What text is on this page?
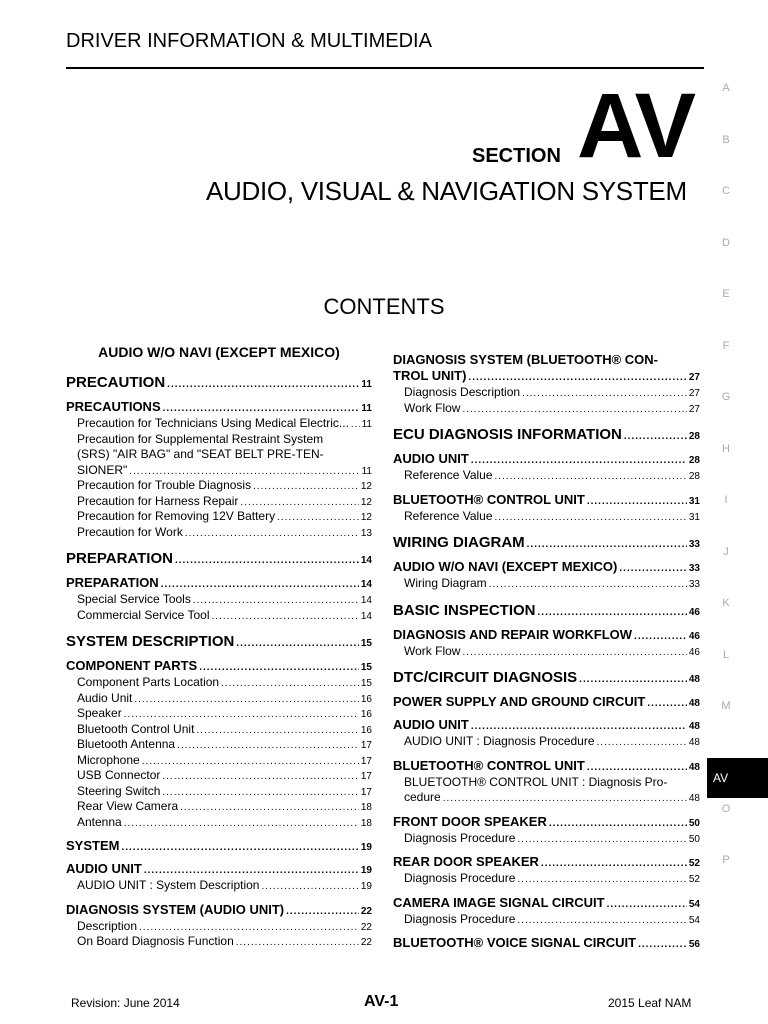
DRIVER INFORMATION & MULTIMEDIA
SECTION AV
AUDIO, VISUAL & NAVIGATION SYSTEM
CONTENTS
AUDIO W/O NAVI (EXCEPT MEXICO)
PRECAUTION .....	11
PRECAUTIONS .....	11
Precaution for Technicians Using Medical Electric... ..... 11
Precaution for Supplemental Restraint System
(SRS) "AIR BAG" and "SEAT BELT PRE-TEN-
SIONER" .....	11
Precaution for Trouble Diagnosis .....	12
Precaution for Harness Repair .....	12
Precaution for Removing 12V Battery .....	12
Precaution for Work .....	13
PREPARATION .....	14
PREPARATION .....	14
Special Service Tools .....	14
Commercial Service Tool .....	14
SYSTEM DESCRIPTION .....	15
COMPONENT PARTS .....	15
Component Parts Location .....	15
Audio Unit .....	16
Speaker .....	16
Bluetooth Control Unit .....	16
Bluetooth Antenna .....	17
Microphone .....	17
USB Connector .....	17
Steering Switch .....	17
Rear View Camera .....	18
Antenna .....	18
SYSTEM .....	19
AUDIO UNIT .....	19
AUDIO UNIT : System Description .....	19
DIAGNOSIS SYSTEM (AUDIO UNIT) .....	22
Description .....	22
On Board Diagnosis Function .....	22
DIAGNOSIS SYSTEM (BLUETOOTH® CON-
TROL UNIT) .....	27
Diagnosis Description .....	27
Work Flow .....	27
ECU DIAGNOSIS INFORMATION .....	28
AUDIO UNIT .....	28
Reference Value .....	28
BLUETOOTH® CONTROL UNIT .....	31
Reference Value .....	31
WIRING DIAGRAM .....	33
AUDIO W/O NAVI (EXCEPT MEXICO) .....	33
Wiring Diagram .....	33
BASIC INSPECTION .....	46
DIAGNOSIS AND REPAIR WORKFLOW .....	46
Work Flow .....	46
DTC/CIRCUIT DIAGNOSIS .....	48
POWER SUPPLY AND GROUND CIRCUIT .....	48
AUDIO UNIT .....	48
AUDIO UNIT : Diagnosis Procedure .....	48
BLUETOOTH® CONTROL UNIT .....	48
BLUETOOTH® CONTROL UNIT : Diagnosis Pro-
cedure .....	48
FRONT DOOR SPEAKER .....	50
Diagnosis Procedure .....	50
REAR DOOR SPEAKER .....	52
Diagnosis Procedure .....	52
CAMERA IMAGE SIGNAL CIRCUIT .....	54
Diagnosis Procedure .....	54
BLUETOOTH® VOICE SIGNAL CIRCUIT .....	56
A
B
C
D
E
F
G
H
I
J
K
L
M
AV
O
P
Revision: June 2014	AV-1	2015 Leaf NAM
